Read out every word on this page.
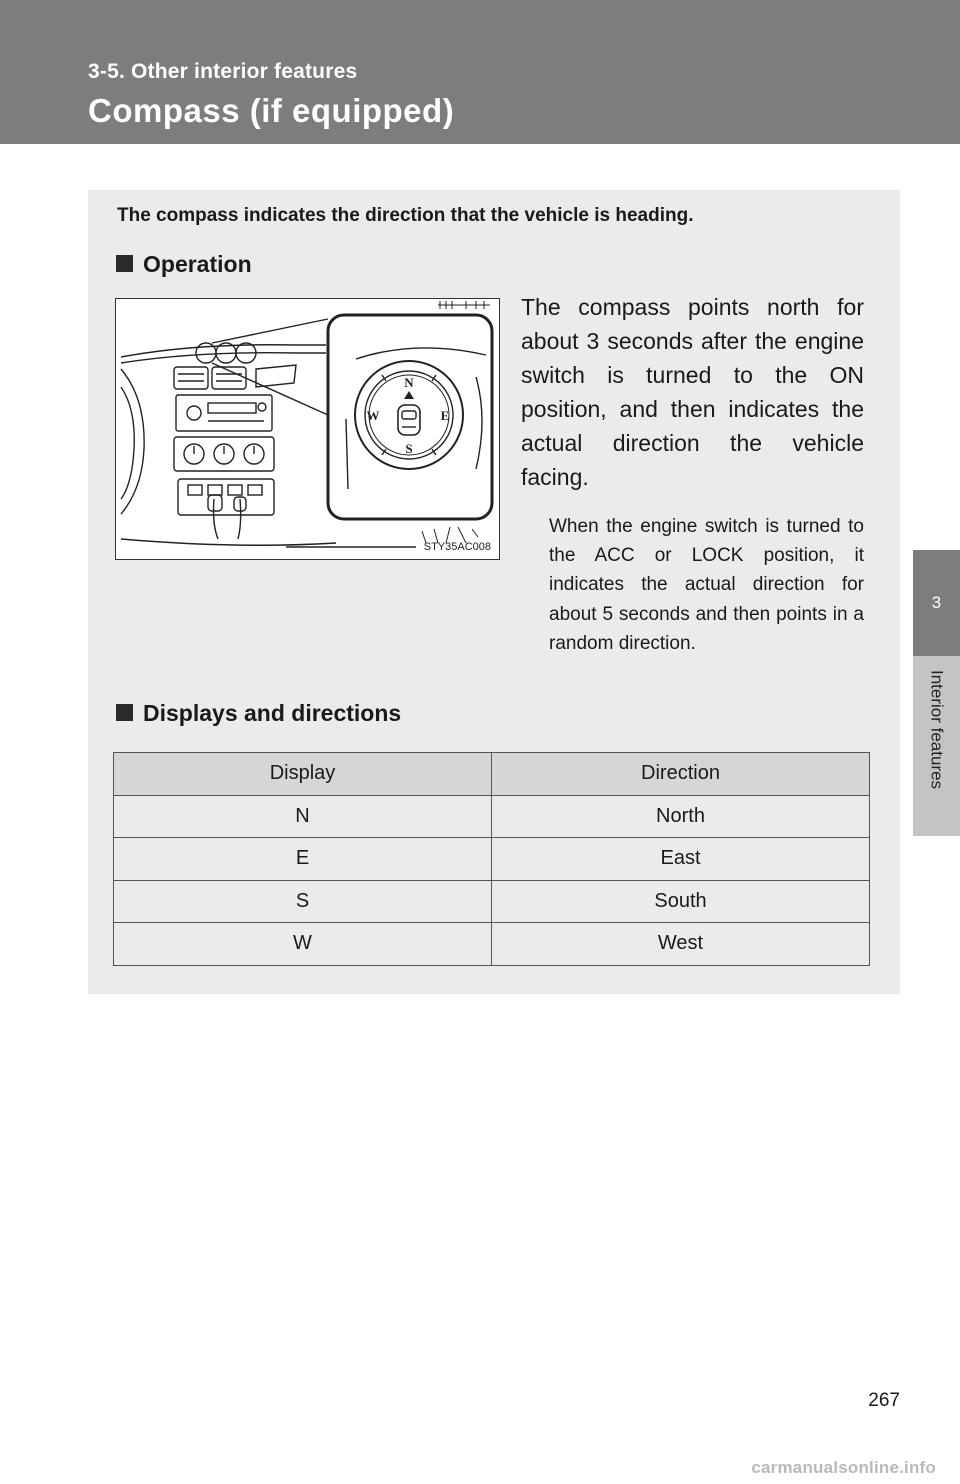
3-5. Other interior features
Compass (if equipped)
3
Interior features
The compass indicates the direction that the vehicle is heading.
Operation
N
E
S
W
STY35AC008
The compass points north for about 3 seconds after the engine switch is turned to the ON position, and then indicates the actual direction the vehicle facing.
When the engine switch is turned to the ACC or LOCK position, it indicates the actual direction for about 5 seconds and then points in a random direction.
Displays and directions
Display	Direction
N	North
E	East
S	South
W	West
267
carmanualsonline.info
